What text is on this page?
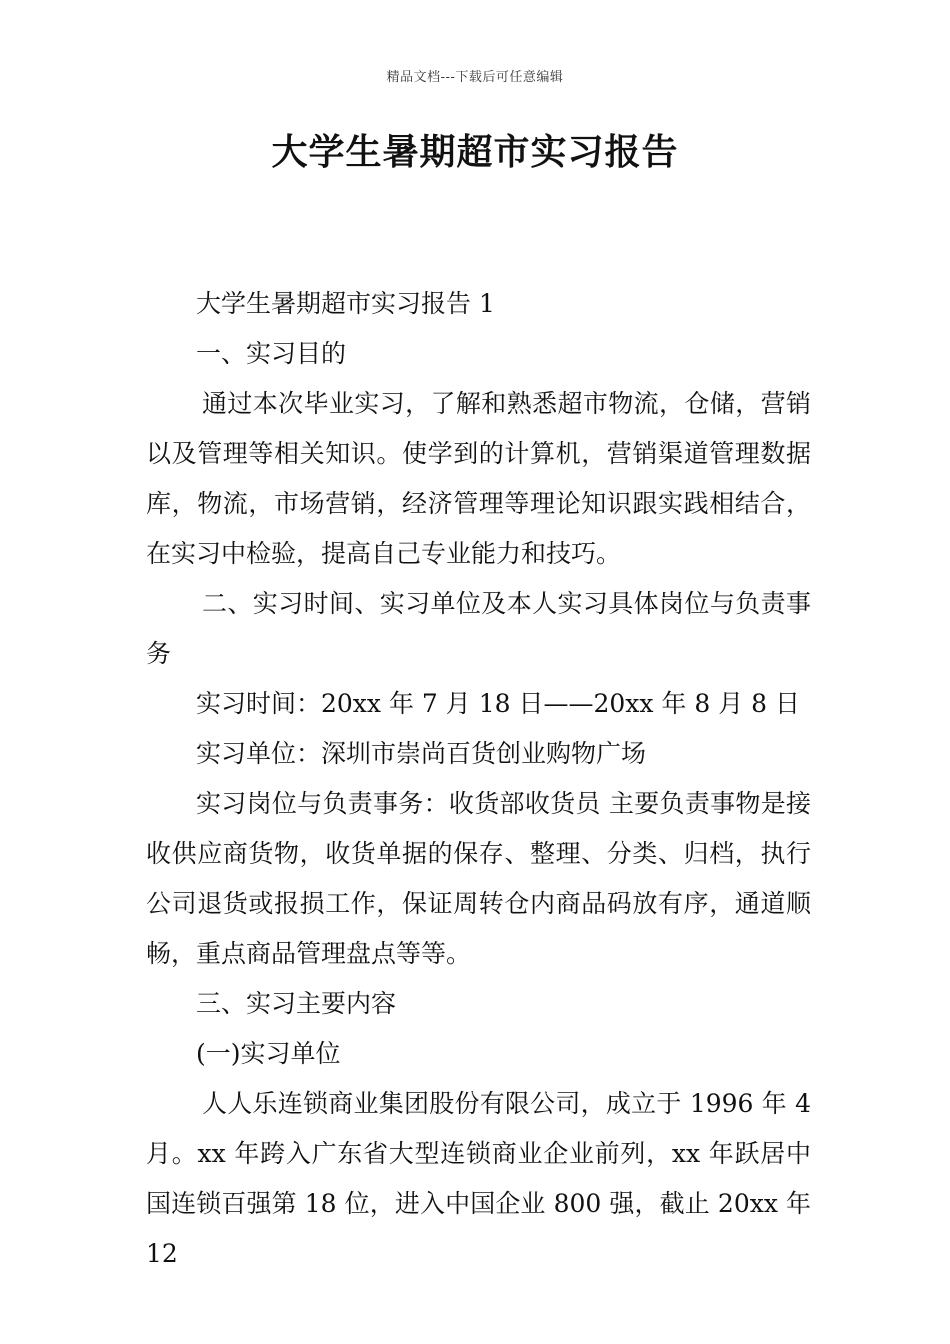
精品文档---下载后可任意编辑
大学生暑期超市实习报告

大学生暑期超市实习报告 1

一、实习目的

通过本次毕业实习，了解和熟悉超市物流，仓储，营销以及管理等相关知识。使学到的计算机，营销渠道管理数据库，物流，市场营销，经济管理等理论知识跟实践相结合，在实习中检验，提高自己专业能力和技巧。

二、实习时间、实习单位及本人实习具体岗位与负责事务

实习时间：20xx 年 7 月 18 日——20xx 年 8 月 8 日

实习单位：深圳市崇尚百货创业购物广场

实习岗位与负责事务：收货部收货员 主要负责事物是接收供应商货物，收货单据的保存、整理、分类、归档，执行公司退货或报损工作，保证周转仓内商品码放有序，通道顺畅，重点商品管理盘点等等。

三、实习主要内容

(一)实习单位

人人乐连锁商业集团股份有限公司，成立于 1996 年 4 月。xx 年跨入广东省大型连锁商业企业前列，xx 年跃居中国连锁百强第 18 位，进入中国企业 800 强，截止 20xx 年 12
